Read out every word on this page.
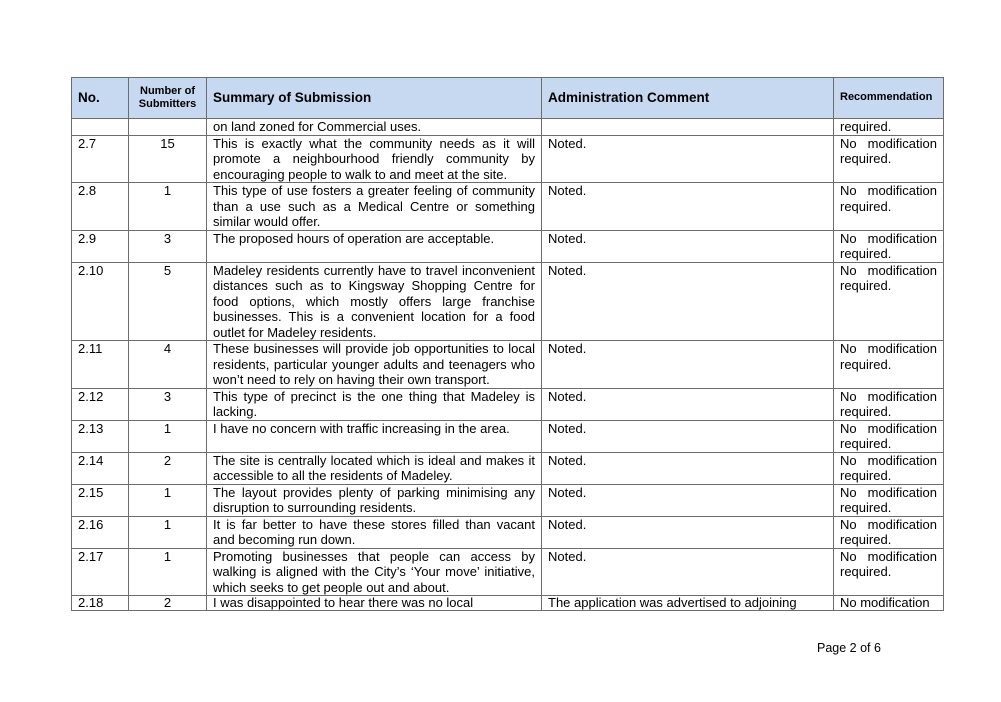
No.	Number of Submitters	Summary of Submission	Administration Comment	Recommendation
		on land zoned for Commercial uses.		required.
2.7	15	This is exactly what the community needs as it will promote a neighbourhood friendly community by encouraging people to walk to and meet at the site.	Noted.	No modification required.
2.8	1	This type of use fosters a greater feeling of community than a use such as a Medical Centre or something similar would offer.	Noted.	No modification required.
2.9	3	The proposed hours of operation are acceptable.	Noted.	No modification required.
2.10	5	Madeley residents currently have to travel inconvenient distances such as to Kingsway Shopping Centre for food options, which mostly offers large franchise businesses. This is a convenient location for a food outlet for Madeley residents.	Noted.	No modification required.
2.11	4	These businesses will provide job opportunities to local residents, particular younger adults and teenagers who won’t need to rely on having their own transport.	Noted.	No modification required.
2.12	3	This type of precinct is the one thing that Madeley is lacking.	Noted.	No modification required.
2.13	1	I have no concern with traffic increasing in the area.	Noted.	No modification required.
2.14	2	The site is centrally located which is ideal and makes it accessible to all the residents of Madeley.	Noted.	No modification required.
2.15	1	The layout provides plenty of parking minimising any disruption to surrounding residents.	Noted.	No modification required.
2.16	1	It is far better to have these stores filled than vacant and becoming run down.	Noted.	No modification required.
2.17	1	Promoting businesses that people can access by walking is aligned with the City’s ‘Your move’ initiative, which seeks to get people out and about.	Noted.	No modification required.
2.18	2	I was disappointed to hear there was no local	The application was advertised to adjoining	No modification
Page 2 of 6
